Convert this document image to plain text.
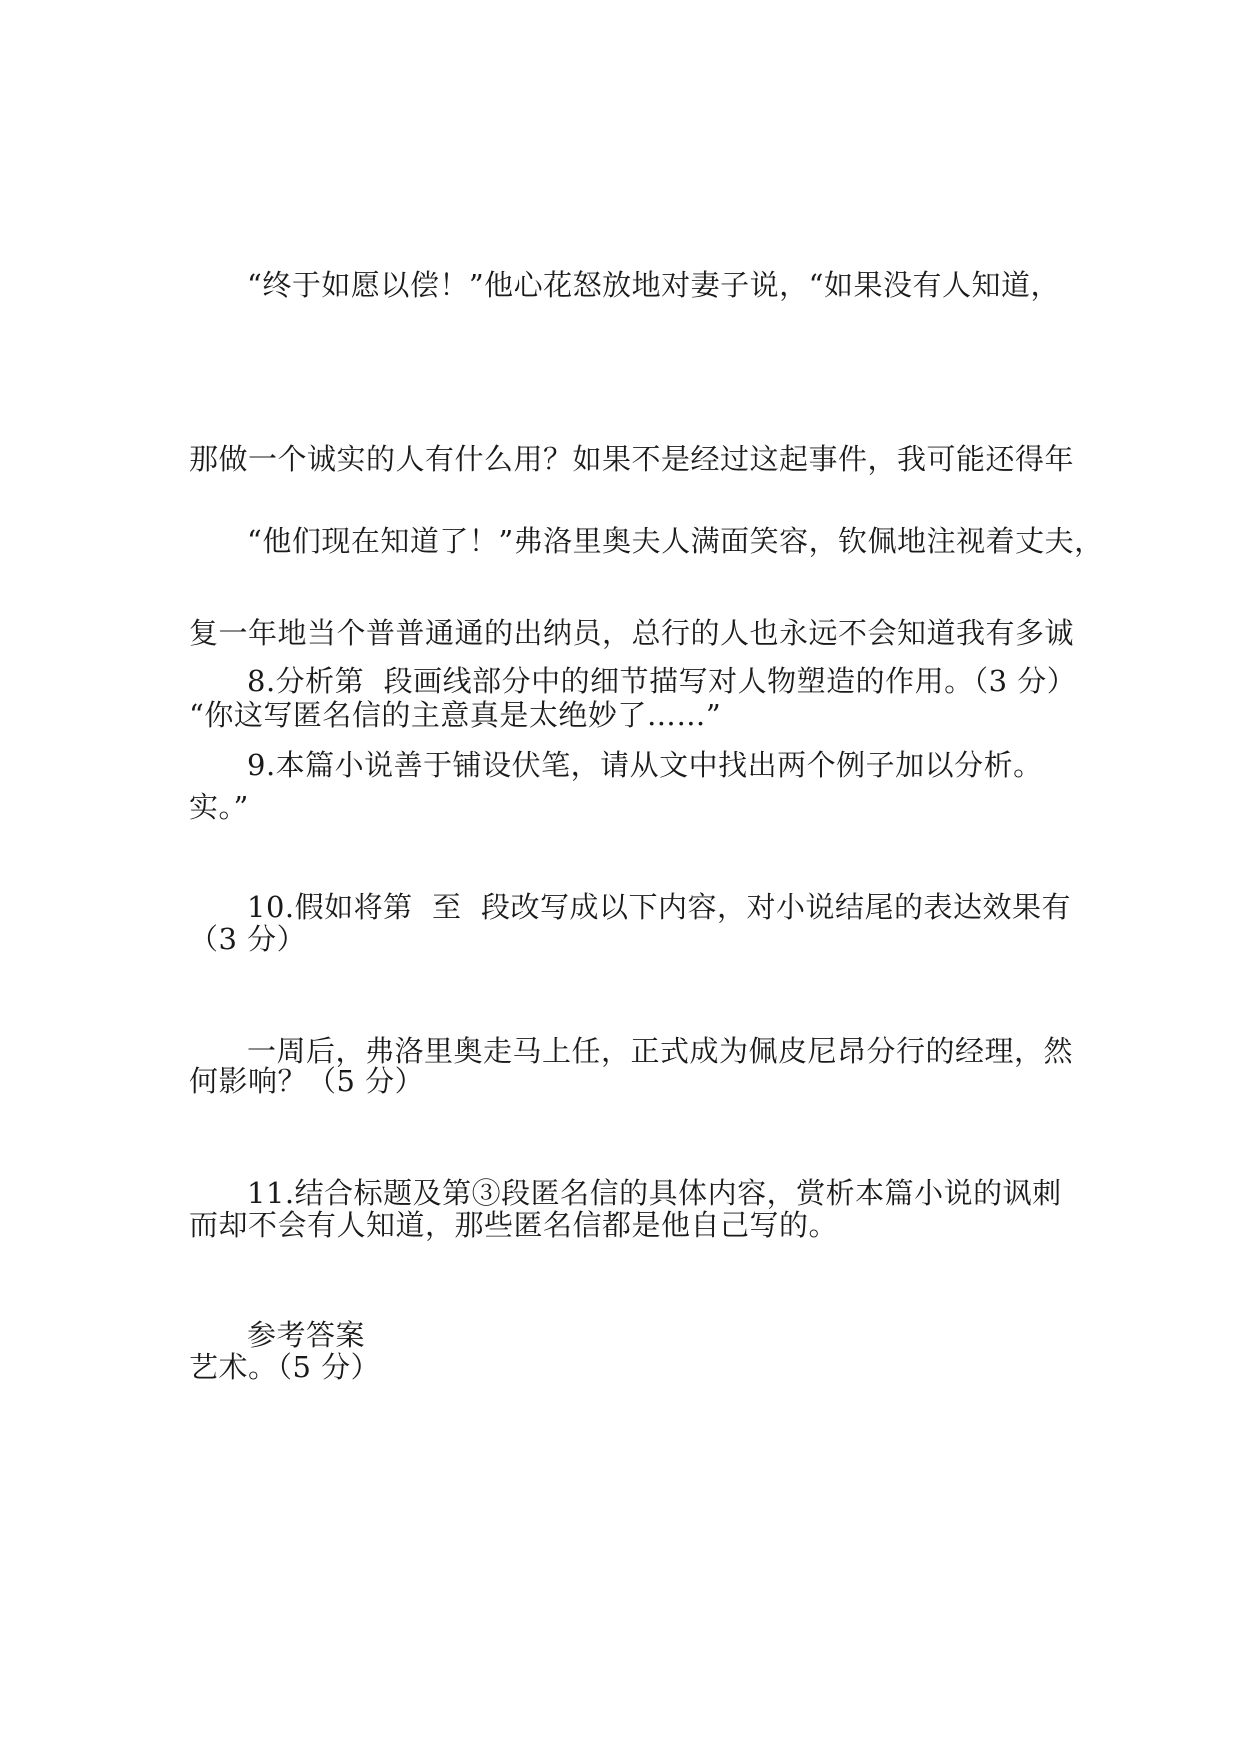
“终于如愿以偿！”他心花怒放地对妻子说，“如果没有人知道，

那做一个诚实的人有什么用？如果不是经过这起事件，我可能还得年

复一年地当个普普通通的出纳员，总行的人也永远不会知道我有多诚

实。”

“他们现在知道了！”弗洛里奥夫人满面笑容，钦佩地注视着丈夫，

“你这写匿名信的主意真是太绝妙了……”

8.分析第  段画线部分中的细节描写对人物塑造的作用。（3 分）

9.本篇小说善于铺设伏笔，请从文中找出两个例子加以分析。

（3 分）

10.假如将第  至  段改写成以下内容，对小说结尾的表达效果有

何影响？（5 分）

一周后，弗洛里奥走马上任，正式成为佩皮尼昂分行的经理，然

而却不会有人知道，那些匿名信都是他自己写的。

11.结合标题及第③段匿名信的具体内容，赏析本篇小说的讽刺

艺术。（5 分）

参考答案
